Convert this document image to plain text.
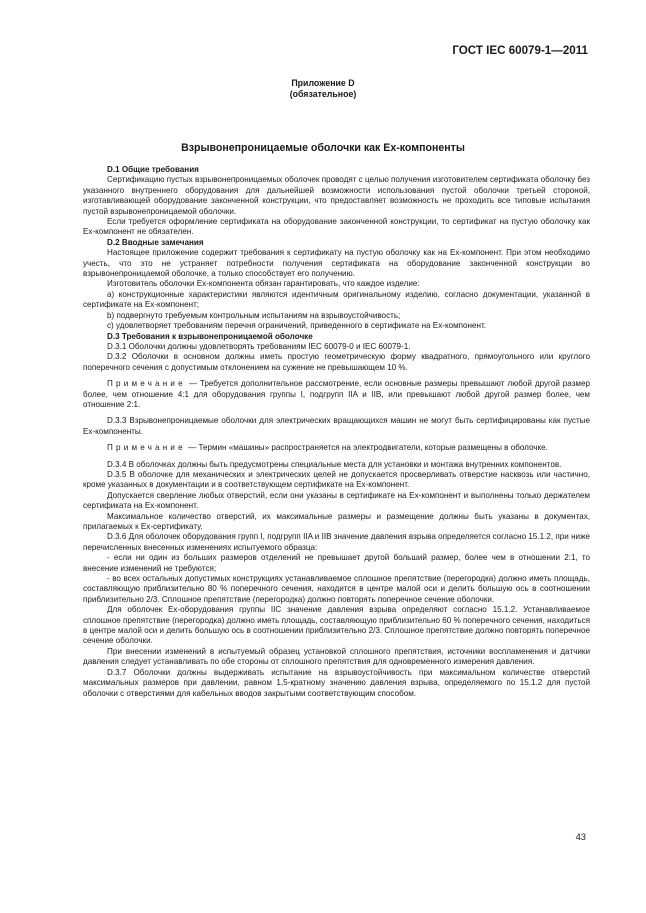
ГОСТ IEC 60079-1—2011
Приложение D
(обязательное)
Взрывонепроницаемые оболочки как Ex-компоненты

D.1 Общие требования

Сертификацию пустых взрывонепроницаемых оболочек проводят с целью получения изготовителем сертификата оболочку без указанного внутреннего оборудования для дальнейшей возможности использования пустой оболочки третьей стороной, изготавливающей оборудование законченной конструкции, что предоставляет возможность не проходить все типовые испытания пустой взрывонепроницаемой оболочки.

Если требуется оформление сертификата на оборудование законченной конструкции, то сертификат на пустую оболочку как Ex-компонент не обязателен.

D.2 Вводные замечания

Настоящее приложение содержит требования к сертификату на пустую оболочку как на Ex-компонент. При этом необходимо учесть, что это не устраняет потребности получения сертификата на оборудование законченной конструкции во взрывонепроницаемой оболочке, а только способствует его получению.

Изготовитель оболочки Ex-компонента обязан гарантировать, что каждое изделие:

a) конструкционные характеристики являются идентичным оригинальному изделию, согласно документации, указанной в сертификате на Ex-компонент;

b) подвергнуто требуемым контрольным испытаниям на взрывоустойчивость;

c) удовлетворяет требованиям перечня ограничений, приведенного в сертификате на Ex-компонент.

D.3 Требования к взрывонепроницаемой оболочке

D.3.1 Оболочки должны удовлетворять требованиям IEC 60079-0 и IEC 60079-1.

D.3.2 Оболочки в основном должны иметь простую геометрическую форму квадратного, прямоугольного или круглого поперечного сечения с допустимым отклонением на сужение не превышающем 10 %.

Примечание — Требуется дополнительное рассмотрение, если основные размеры превышают любой другой размер более, чем отношение 4:1 для оборудования группы I, подгрупп IIA и IIB, или превышают любой другой размер более, чем отношение 2:1.

D.3.3 Взрывонепроницаемые оболочки для электрических вращающихся машин не могут быть сертифицированы как пустые Ex-компоненты.

Примечание — Термин «машины» распространяется на электродвигатели, которые размещены в оболочке.

D.3.4 В оболочках должны быть предусмотрены специальные места для установки и монтажа внутренних компонентов.

D.3.5 В оболочке для механических и электрических целей не допускается просверливать отверстие насквозь или частично, кроме указанных в документации и в соответствующем сертификате на Ex-компонент.

Допускается сверление любых отверстий, если они указаны в сертификате на Ex-компонент и выполнены только держателем сертификата на Ex-компонент.

Максимальное количество отверстий, их максимальные размеры и размещение должны быть указаны в документах, прилагаемых к Ex-сертификату.

D.3.6 Для оболочек оборудования групп I, подгрупп IIA и IIB значение давления взрыва определяется согласно 15.1.2, при ниже перечисленных внесенных изменениях испытуемого образца:

- если ни один из больших размеров отделений не превышает другой больший размер, более чем в отношении 2:1, то внесение изменений не требуются;

- во всех остальных допустимых конструкциях устанавливаемое сплошное препятствие (перегородка) должно иметь площадь, составляющую приблизительно 80 % поперечного сечения, находится в центре малой оси и делить большую ось в соотношении приблизительно 2/3. Сплошное препятствие (перегородка) должно повторять поперечное сечение оболочки.

Для оболочек Ex-оборудования группы IIC значение давления взрыва определяют согласно 15.1.2. Устанавливаемое сплошное препятствие (перегородка) должно иметь площадь, составляющую приблизительно 60 % поперечного сечения, находиться в центре малой оси и делить большую ось в соотношении приблизительно 2/3. Сплошное препятствие должно повторять поперечное сечение оболочки.

При внесении изменений в испытуемый образец установкой сплошного препятствия, источники воспламенения и датчики давления следует устанавливать по обе стороны от сплошного препятствия для одновременного измерения давления.

D.3.7 Оболочки должны выдерживать испытание на взрывоустойчивость при максимальном количестве отверстий максимальных размеров при давлении, равном 1,5-кратному значению давления взрыва, определяемого по 15.1.2 для пустой оболочки с отверстиями для кабельных вводов закрытыми соответствующим способом.

43
